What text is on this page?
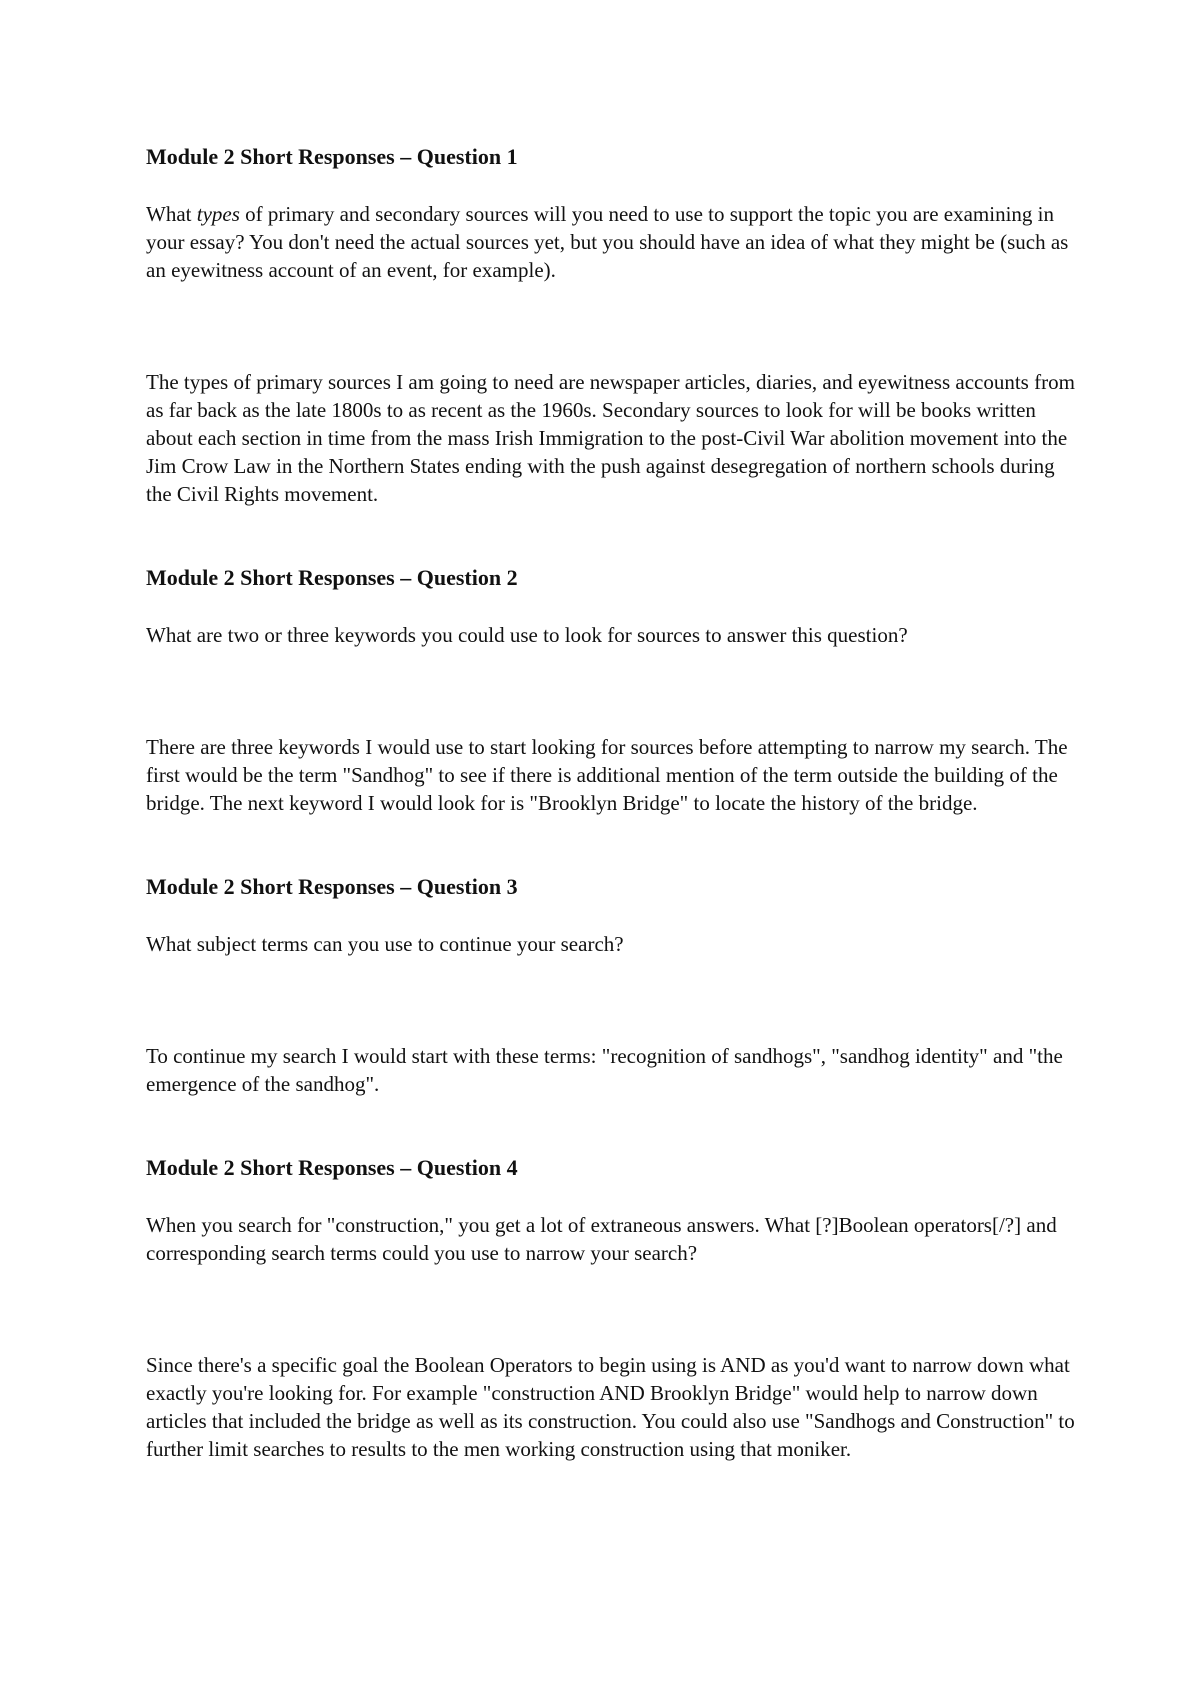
Module 2 Short Responses – Question 1

What types of primary and secondary sources will you need to use to support the topic you are examining in your essay? You don't need the actual sources yet, but you should have an idea of what they might be (such as an eyewitness account of an event, for example).

The types of primary sources I am going to need are newspaper articles, diaries, and eyewitness accounts from as far back as the late 1800s to as recent as the 1960s. Secondary sources to look for will be books written about each section in time from the mass Irish Immigration to the post-Civil War abolition movement into the Jim Crow Law in the Northern States ending with the push against desegregation of northern schools during the Civil Rights movement.

Module 2 Short Responses – Question 2

What are two or three keywords you could use to look for sources to answer this question?

There are three keywords I would use to start looking for sources before attempting to narrow my search. The first would be the term "Sandhog" to see if there is additional mention of the term outside the building of the bridge. The next keyword I would look for is "Brooklyn Bridge" to locate the history of the bridge.

Module 2 Short Responses – Question 3

What subject terms can you use to continue your search?

To continue my search I would start with these terms: "recognition of sandhogs", "sandhog identity" and "the emergence of the sandhog".

Module 2 Short Responses – Question 4

When you search for "construction," you get a lot of extraneous answers. What [?]Boolean operators[/?] and corresponding search terms could you use to narrow your search?

Since there's a specific goal the Boolean Operators to begin using is AND as you'd want to narrow down what exactly you're looking for. For example "construction AND Brooklyn Bridge" would help to narrow down articles that included the bridge as well as its construction. You could also use "Sandhogs and Construction" to further limit searches to results to the men working construction using that moniker.
